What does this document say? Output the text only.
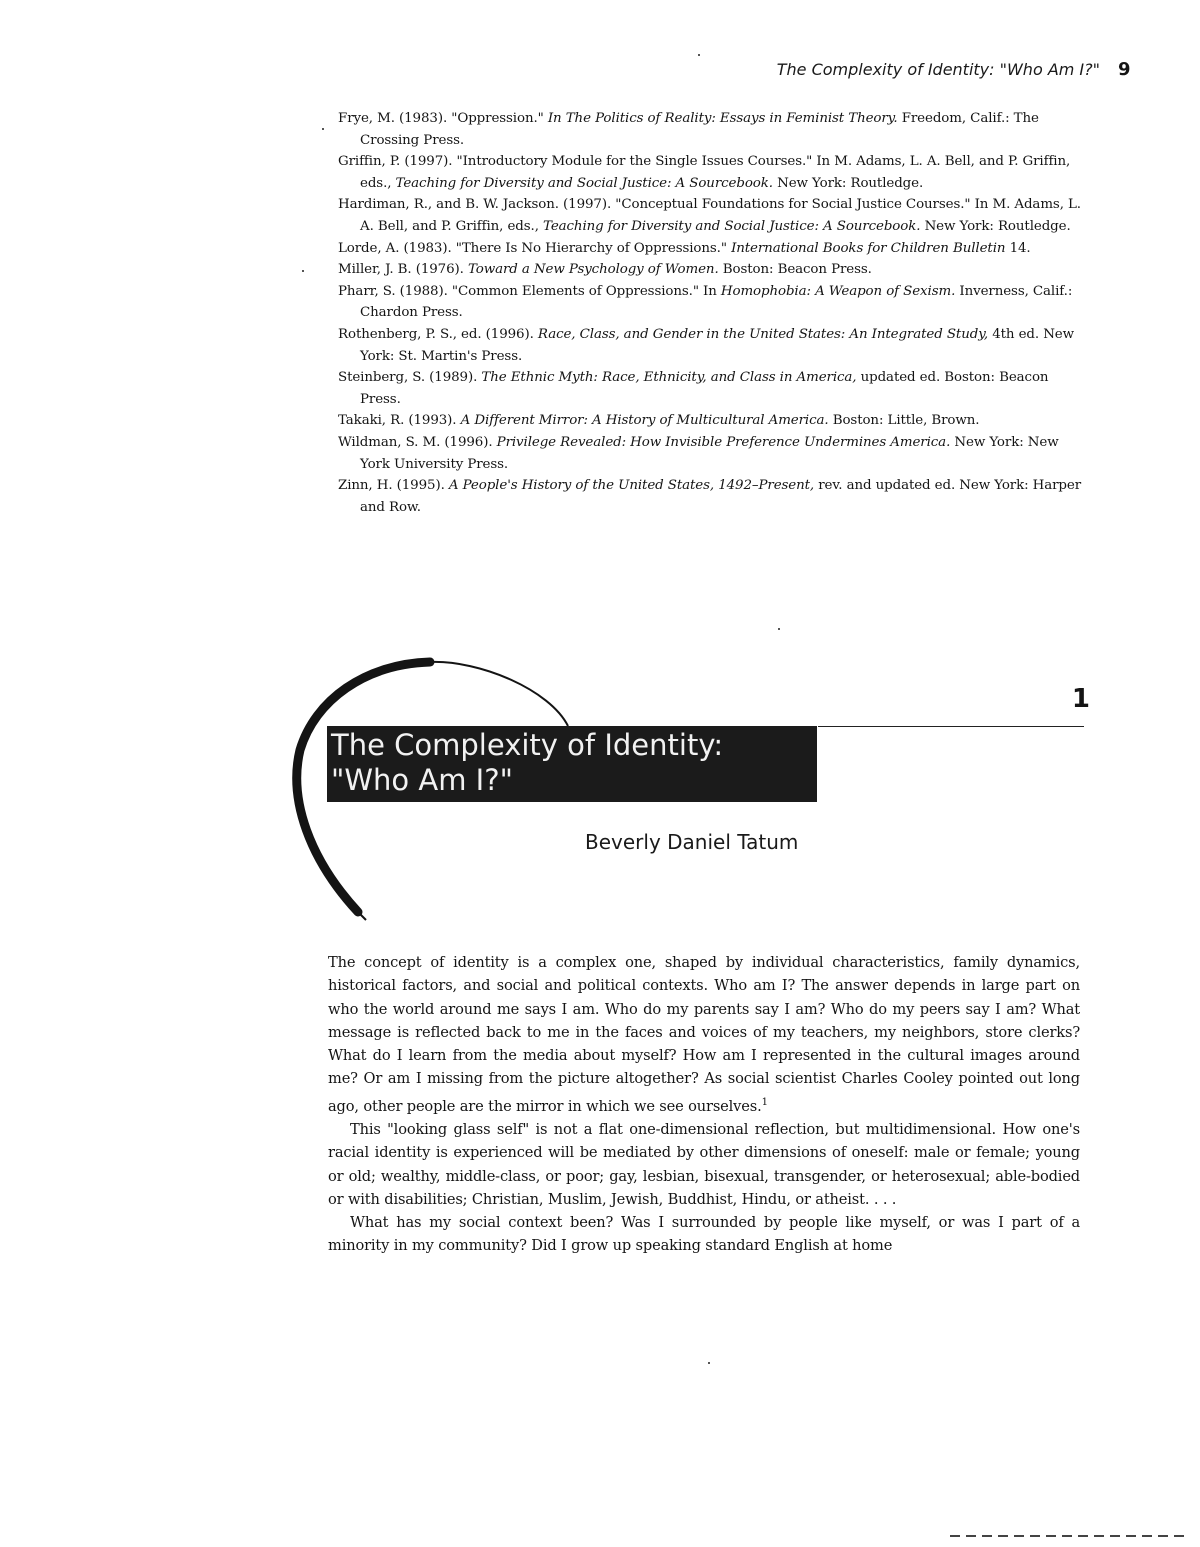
The Complexity of Identity: "Who Am I?" 9
Frye, M. (1983). "Oppression." In The Politics of Reality: Essays in Feminist Theory. Freedom, Calif.: The Crossing Press.
Griffin, P. (1997). "Introductory Module for the Single Issues Courses." In M. Adams, L. A. Bell, and P. Griffin, eds., Teaching for Diversity and Social Justice: A Sourcebook. New York: Routledge.
Hardiman, R., and B. W. Jackson. (1997). "Conceptual Foundations for Social Justice Courses." In M. Adams, L. A. Bell, and P. Griffin, eds., Teaching for Diversity and Social Justice: A Sourcebook. New York: Routledge.
Lorde, A. (1983). "There Is No Hierarchy of Oppressions." International Books for Children Bulletin 14.
Miller, J. B. (1976). Toward a New Psychology of Women. Boston: Beacon Press.
Pharr, S. (1988). "Common Elements of Oppressions." In Homophobia: A Weapon of Sexism. Inverness, Calif.: Chardon Press.
Rothenberg, P. S., ed. (1996). Race, Class, and Gender in the United States: An Integrated Study, 4th ed. New York: St. Martin's Press.
Steinberg, S. (1989). The Ethnic Myth: Race, Ethnicity, and Class in America, updated ed. Boston: Beacon Press.
Takaki, R. (1993). A Different Mirror: A History of Multicultural America. Boston: Little, Brown.
Wildman, S. M. (1996). Privilege Revealed: How Invisible Preference Undermines America. New York: New York University Press.
Zinn, H. (1995). A People's History of the United States, 1492–Present, rev. and updated ed. New York: Harper and Row.
1
The Complexity of Identity:
"Who Am I?"
Beverly Daniel Tatum

The concept of identity is a complex one, shaped by individual characteristics, family dynamics, historical factors, and social and political contexts. Who am I? The answer depends in large part on who the world around me says I am. Who do my parents say I am? Who do my peers say I am? What message is reflected back to me in the faces and voices of my teachers, my neighbors, store clerks? What do I learn from the media about myself? How am I represented in the cultural images around me? Or am I missing from the picture altogether? As social scientist Charles Cooley pointed out long ago, other people are the mirror in which we see ourselves.$^1$

This "looking glass self" is not a flat one-dimensional reflection, but multidimensional. How one's racial identity is experienced will be mediated by other dimensions of oneself: male or female; young or old; wealthy, middle-class, or poor; gay, lesbian, bisexual, transgender, or heterosexual; able-bodied or with disabilities; Christian, Muslim, Jewish, Buddhist, Hindu, or atheist. . . .

What has my social context been? Was I surrounded by people like myself, or was I part of a minority in my community? Did I grow up speaking standard English at home
